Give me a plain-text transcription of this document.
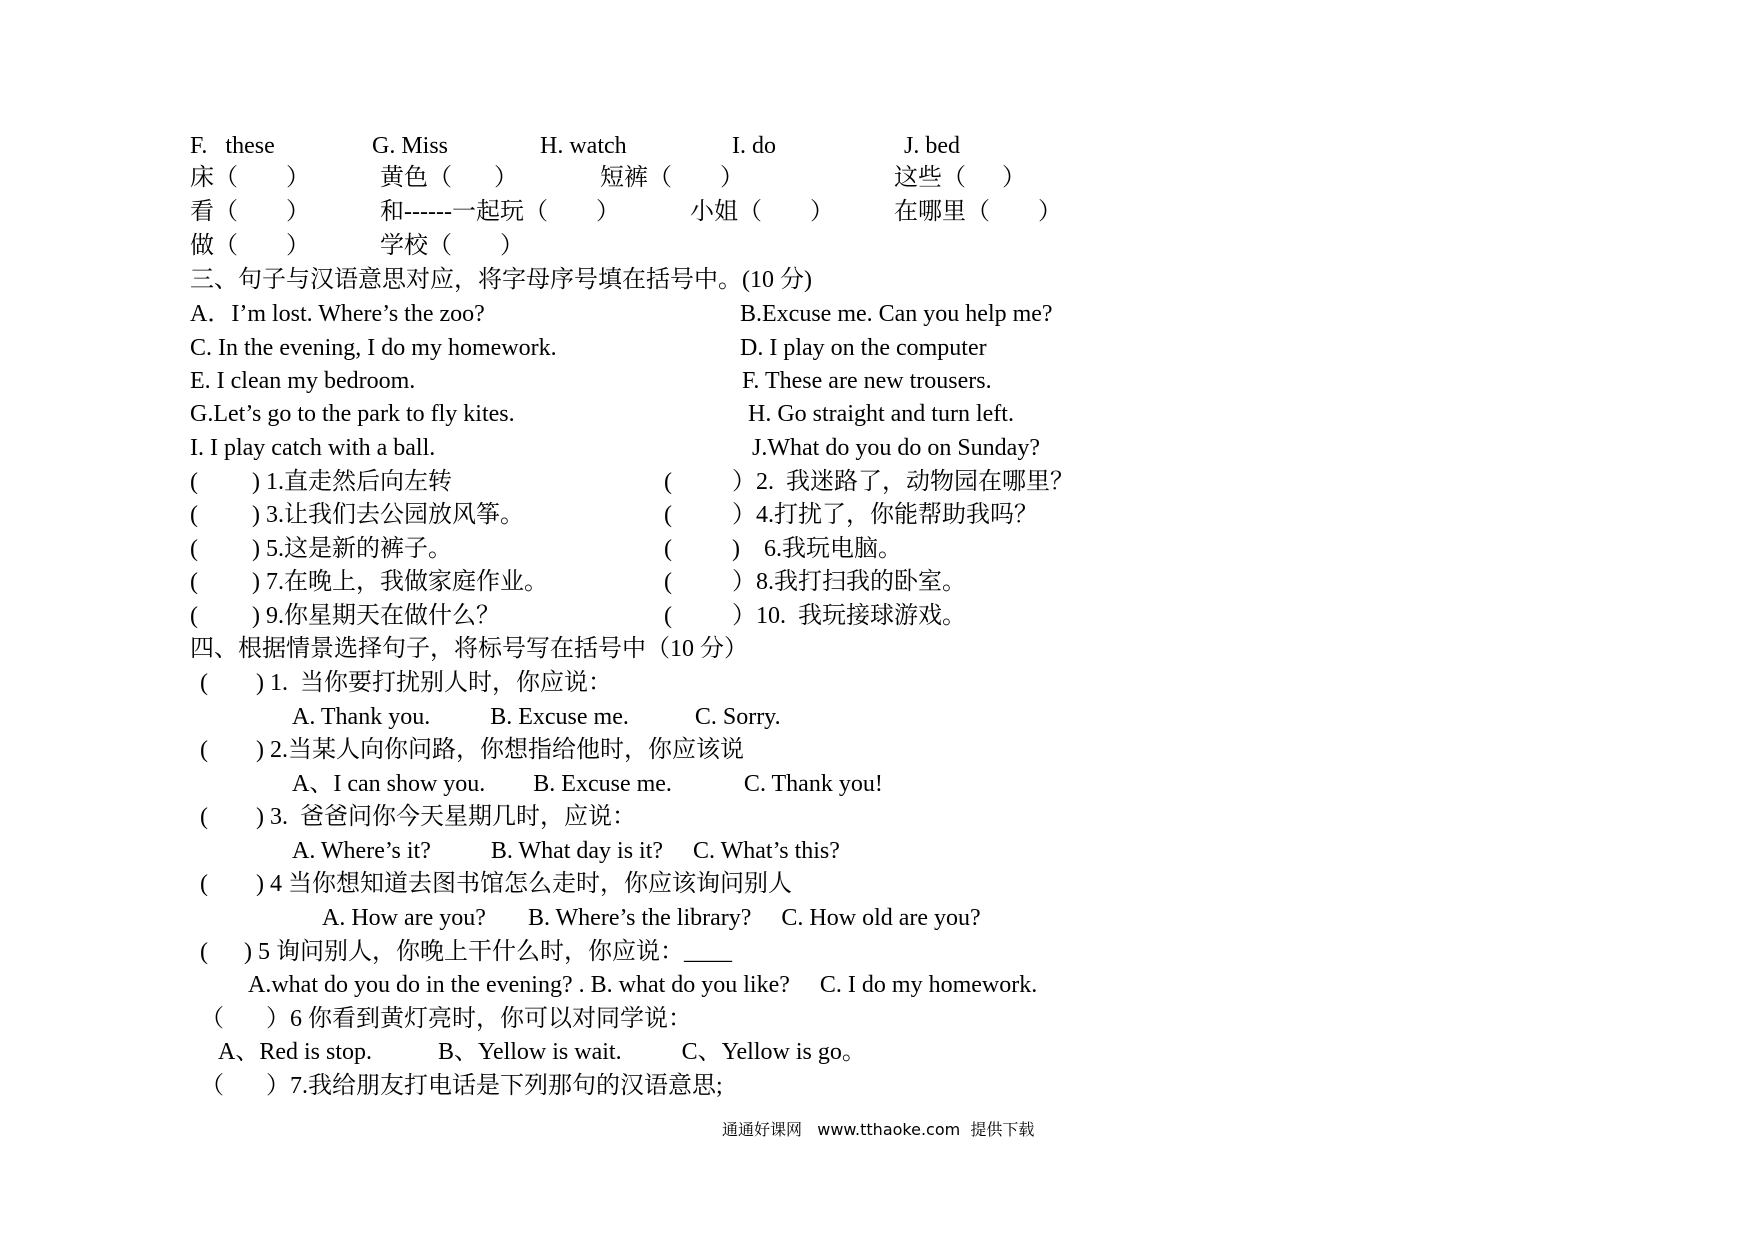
F.   these	G. Miss	H. watch	I. do	J. bed
床（        ）	黄色（       ）	短裤（        ）	这些（      ）
看（        ）	和------一起玩（        ）	小姐（        ）	在哪里（        ）
做（        ）	学校（        ）
三、句子与汉语意思对应，将字母序号填在括号中。(10 分)
A．I’m lost. Where’s the zoo?	B.Excuse me. Can you help me?
C. In the evening, I do my homework.	D. I play on the computer
E. I clean my bedroom.	F. These are new trousers.
G.Let’s go to the park to fly kites.	H. Go straight and turn left.
I. I play catch with a ball.	J.What do you do on Sunday?
(         ) 1.直走然后向左转	(          ）2.  我迷路了，动物园在哪里？
(         ) 3.让我们去公园放风筝。	(          ）4.打扰了，你能帮助我吗？
(         ) 5.这是新的裤子。	(          )    6.我玩电脑。
(         ) 7.在晚上，我做家庭作业。	(          ）8.我打扫我的卧室。
(         ) 9.你星期天在做什么？	(          ）10.  我玩接球游戏。
四、根据情景选择句子，将标号写在括号中（10 分）
(        ) 1.  当你要打扰别人时，你应说：
A. Thank you.          B. Excuse me.           C. Sorry.
(        ) 2.当某人向你问路，你想指给他时，你应该说
A、I can show you.        B. Excuse me.            C. Thank you!
(        ) 3.  爸爸问你今天星期几时，应说：
A. Where’s it?          B. What day is it?     C. What’s this?
(        ) 4 当你想知道去图书馆怎么走时，你应该询问别人
A. How are you?       B. Where’s the library?     C. How old are you?
(      ) 5 询问别人，你晚上干什么时，你应说：____
A.what do you do in the evening? . B. what do you like?     C. I do my homework.
（       ）6 你看到黄灯亮时，你可以对同学说：
A、Red is stop.           B、Yellow is wait.          C、Yellow is go。
（       ）7.我给朋友打电话是下列那句的汉语意思;
通通好课网   www.tthaoke.com  提供下载
